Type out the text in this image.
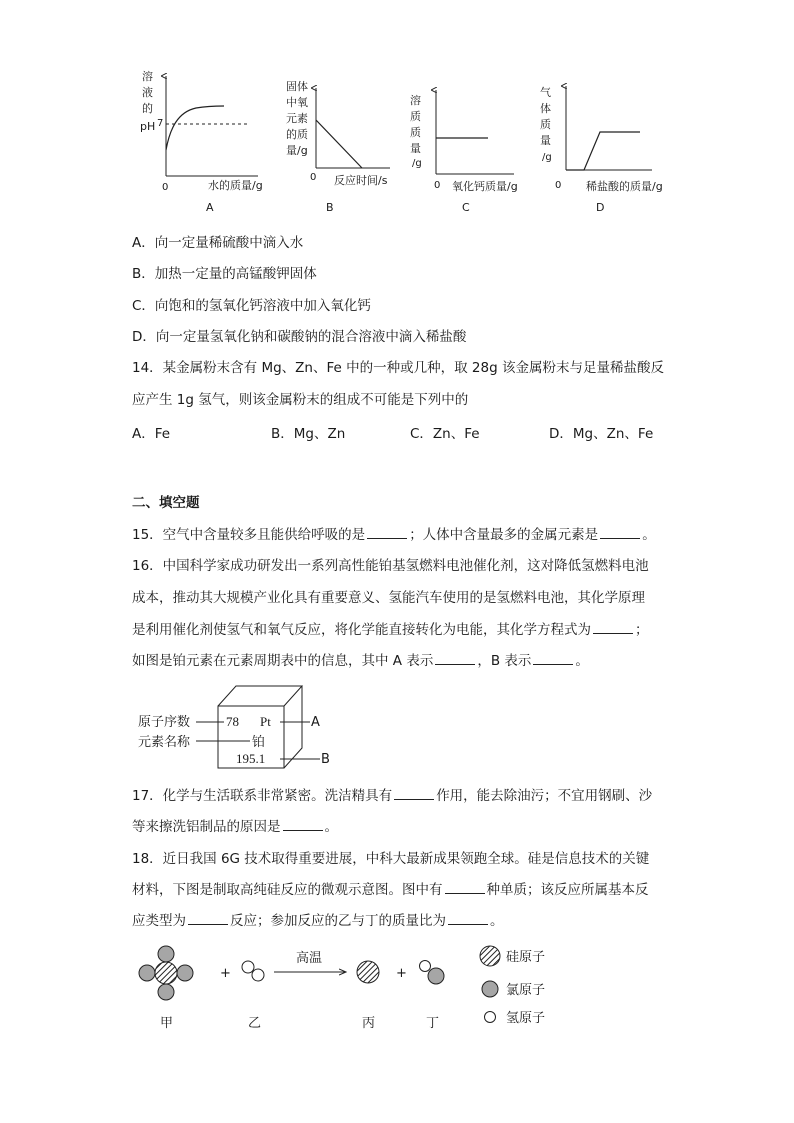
溶
液
的
pH 7
0	水的质量/g
A
固体
中氧
元素
的质
量/g
0 反应时间/s
B
溶
质
质
量
/g
0 氧化钙质量/g
C
气
体
质
量
/g
0 稀盐酸的质量/g
D
A．向一定量稀硫酸中滴入水
B．加热一定量的高锰酸钾固体
C．向饱和的氢氧化钙溶液中加入氧化钙
D．向一定量氢氧化钠和碳酸钠的混合溶液中滴入稀盐酸
14．某金属粉末含有 Mg、Zn、Fe 中的一种或几种，取 28g 该金属粉末与足量稀盐酸反
应产生 1g 氢气，则该金属粉末的组成不可能是下列中的
A．Fe	B．Mg、Zn	C．Zn、Fe	D．Mg、Zn、Fe
二、填空题
15．空气中含量较多且能供给呼吸的是	；人体中含量最多的金属元素是	。
16．中国科学家成功研发出一系列高性能铂基氢燃料电池催化剂，这对降低氢燃料电池
成本，推动其大规模产业化具有重要意义、氢能汽车使用的是氢燃料电池，其化学原理
是利用催化剂使氢气和氧气反应，将化学能直接转化为电能，其化学方程式为	；
如图是铂元素在元素周期表中的信息，其中 A 表示	，B 表示	。
原子序数
元素名称
78 Pt
铂
195.1
A
B
17．化学与生活联系非常紧密。洗洁精具有	作用，能去除油污；不宜用钢刷、沙
等来擦洗铝制品的原因是	。
18．近日我国 6G 技术取得重要进展，中科大最新成果领跑全球。硅是信息技术的关键
材料，下图是制取高纯硅反应的微观示意图。图中有	种单质；该反应所属基本反
应类型为	反应；参加反应的乙与丁的质量比为	。
+
高温
+
甲	乙	丙	丁
硅原子
氯原子
氢原子
